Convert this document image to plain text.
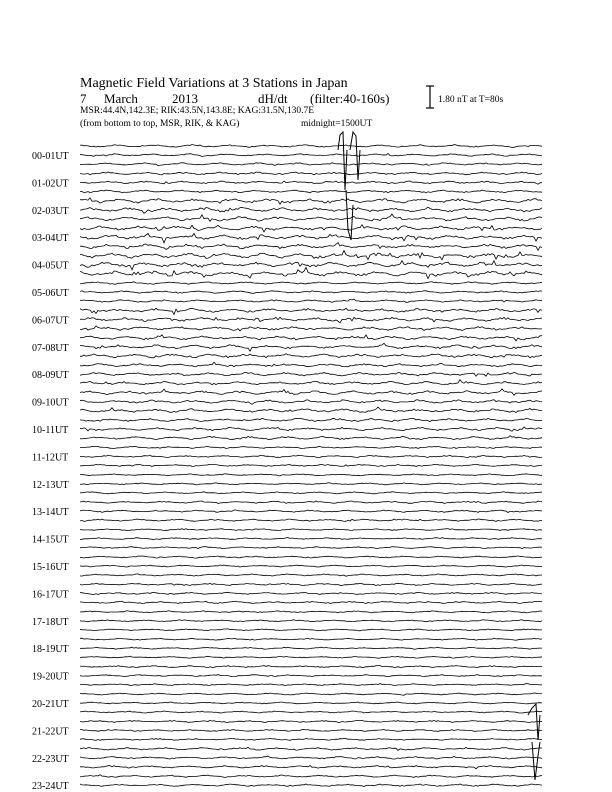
Magnetic Field Variations at 3 Stations in Japan
7 March	2013	dH/dt (filter:40-160s)
MSR:44.4N,142.3E; RIK:43.5N,143.8E; KAG:31.5N,130.7E
(from bottom to top, MSR, RIK, & KAG)	midnight=1500UT
1.80 nT at T=80s
00-01UT
01-02UT
02-03UT
03-04UT
04-05UT
05-06UT
06-07UT
07-08UT
08-09UT
09-10UT
10-11UT
11-12UT
12-13UT
13-14UT
14-15UT
15-16UT
16-17UT
17-18UT
18-19UT
19-20UT
20-21UT
21-22UT
22-23UT
23-24UT
